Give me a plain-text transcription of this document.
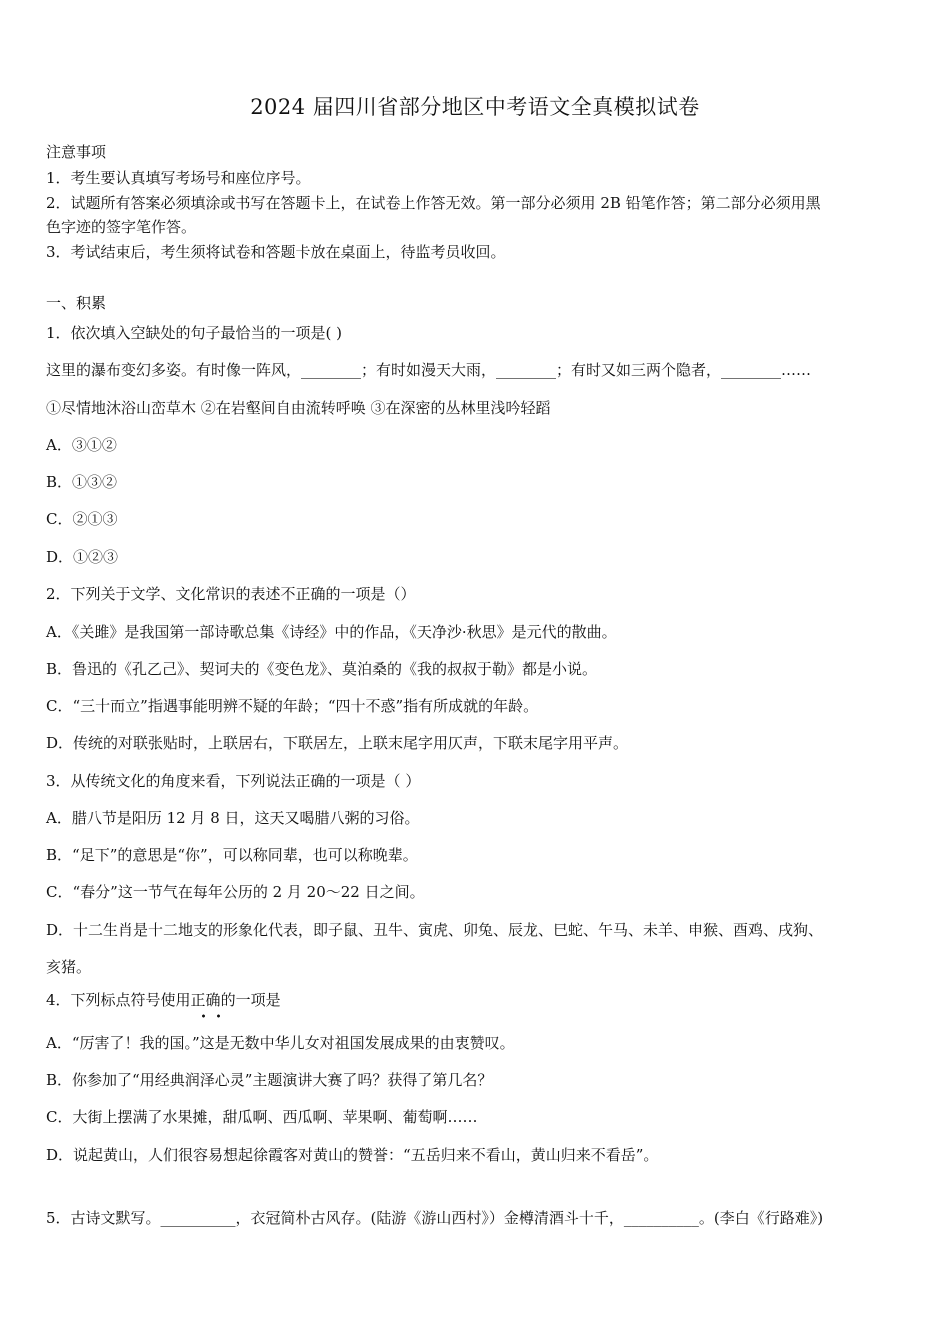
2024 届四川省部分地区中考语文全真模拟试卷
注意事项
1．考生要认真填写考场号和座位序号。
2．试题所有答案必须填涂或书写在答题卡上，在试卷上作答无效。第一部分必须用 2B 铅笔作答；第二部分必须用黑
色字迹的签字笔作答。
3．考试结束后，考生须将试卷和答题卡放在桌面上，待监考员收回。
一、积累
1．依次填入空缺处的句子最恰当的一项是( )
这里的瀑布变幻多姿。有时像一阵风，________；有时如漫天大雨，________；有时又如三两个隐者，________……
①尽情地沐浴山峦草木 ②在岩壑间自由流转呼唤 ③在深密的丛林里浅吟轻蹈
A．③①②
B．①③②
C．②①③
D．①②③
2．下列关于文学、文化常识的表述不正确的一项是（）
A．《关雎》是我国第一部诗歌总集《诗经》中的作品，《天净沙·秋思》是元代的散曲。
B．鲁迅的《孔乙己》、契诃夫的《变色龙》、莫泊桑的《我的叔叔于勒》都是小说。
C．“三十而立”指遇事能明辨不疑的年龄；“四十不惑”指有所成就的年龄。
D．传统的对联张贴时，上联居右，下联居左，上联末尾字用仄声，下联末尾字用平声。
3．从传统文化的角度来看，下列说法正确的一项是（ ）
A．腊八节是阳历 12 月 8 日，这天又喝腊八粥的习俗。
B．“足下”的意思是“你”，可以称同辈，也可以称晚辈。
C．“春分”这一节气在每年公历的 2 月 20～22 日之间。
D．十二生肖是十二地支的形象化代表，即子鼠、丑牛、寅虎、卯兔、辰龙、巳蛇、午马、未羊、申猴、酉鸡、戌狗、
亥猪。
4．下列标点符号使用正确的一项是
A．“厉害了！我的国。”这是无数中华儿女对祖国发展成果的由衷赞叹。
B．你参加了“用经典润泽心灵”主题演讲大赛了吗？获得了第几名？
C．大街上摆满了水果摊，甜瓜啊、西瓜啊、苹果啊、葡萄啊……
D．说起黄山，人们很容易想起徐霞客对黄山的赞誉：“五岳归来不看山，黄山归来不看岳”。
5．古诗文默写。__________，衣冠简朴古风存。(陆游《游山西村》）金樽清酒斗十千，__________。(李白《行路难》)
